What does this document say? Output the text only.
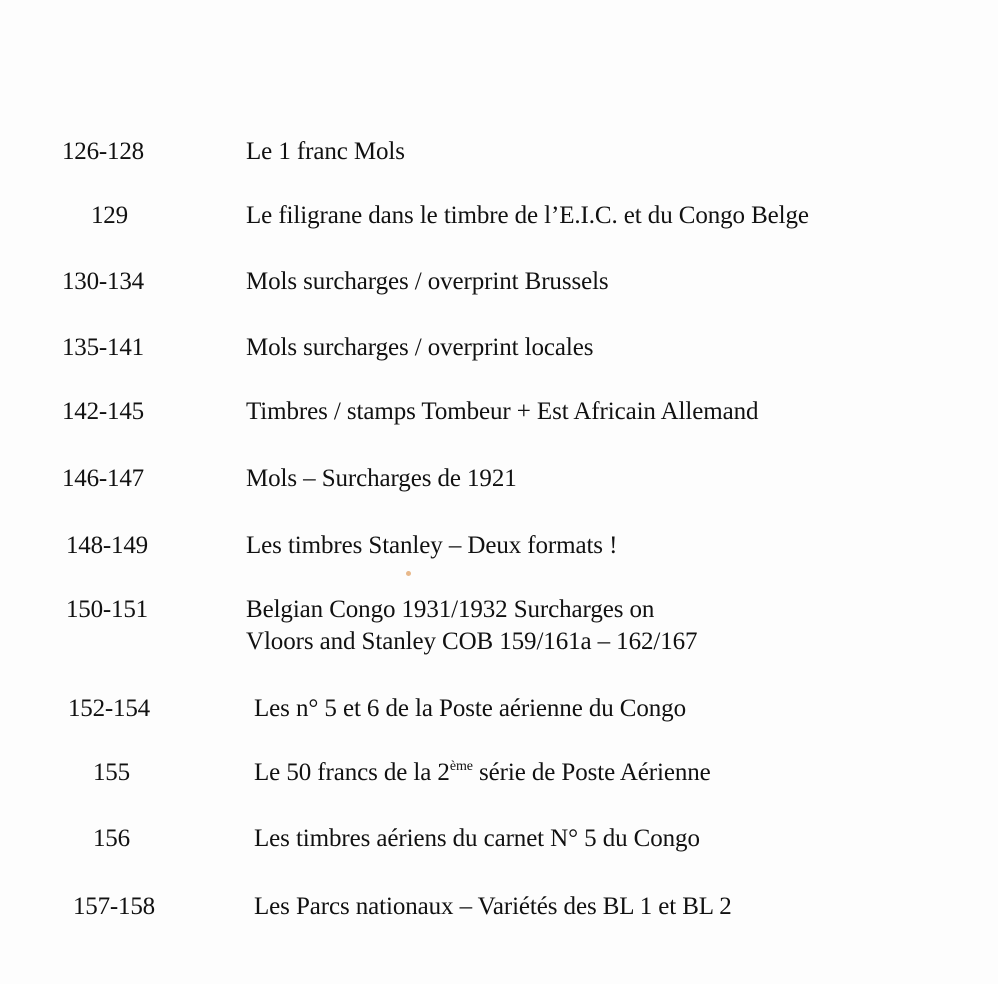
126-128	Le 1 franc Mols
129	Le filigrane dans le timbre de l’E.I.C. et du Congo Belge
130-134	Mols surcharges / overprint Brussels
135-141	Mols surcharges / overprint locales
142-145	Timbres / stamps Tombeur + Est Africain Allemand
146-147	Mols – Surcharges de 1921
148-149	Les timbres Stanley – Deux formats !
150-151	Belgian Congo 1931/1932 Surcharges on
Vloors and Stanley COB 159/161a – 162/167
152-154	Les n° 5 et 6 de la Poste aérienne du Congo
155	Le 50 francs de la 2ème série de Poste Aérienne
156	Les timbres aériens du carnet N° 5 du Congo
157-158	Les Parcs nationaux – Variétés des BL 1 et BL 2
